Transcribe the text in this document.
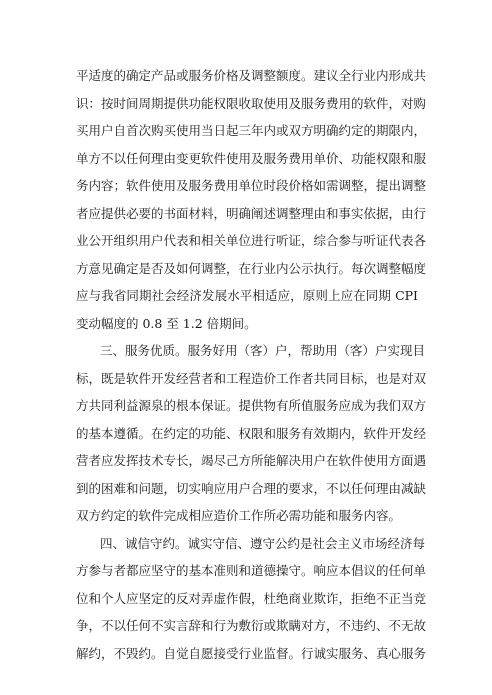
平适度的确定产品或服务价格及调整额度。建议全行业内形成共
识：按时间周期提供功能权限收取使用及服务费用的软件，对购
买用户自首次购买使用当日起三年内或双方明确约定的期限内，
单方不以任何理由变更软件使用及服务费用单价、功能权限和服
务内容；软件使用及服务费用单位时段价格如需调整，提出调整
者应提供必要的书面材料，明确阐述调整理由和事实依据，由行
业公开组织用户代表和相关单位进行听证，综合参与听证代表各
方意见确定是否及如何调整，在行业内公示执行。每次调整幅度
应与我省同期社会经济发展水平相适应，原则上应在同期 CPI
变动幅度的 0.8 至 1.2 倍期间。
三、服务优质。服务好用（客）户，帮助用（客）户实现目
标，既是软件开发经营者和工程造价工作者共同目标，也是对双
方共同利益源泉的根本保证。提供物有所值服务应成为我们双方
的基本遵循。在约定的功能、权限和服务有效期内，软件开发经
营者应发挥技术专长，竭尽己方所能解决用户在软件使用方面遇
到的困难和问题，切实响应用户合理的要求，不以任何理由减缺
双方约定的软件完成相应造价工作所必需功能和服务内容。
四、诚信守约。诚实守信、遵守公约是社会主义市场经济每
方参与者都应坚守的基本准则和道德操守。响应本倡议的任何单
位和个人应坚定的反对弄虚作假，杜绝商业欺诈，拒绝不正当竞
争，不以任何不实言辞和行为敷衍或欺瞒对方，不违约、不无故
解约，不毁约。自觉自愿接受行业监督。行诚实服务、真心服务
